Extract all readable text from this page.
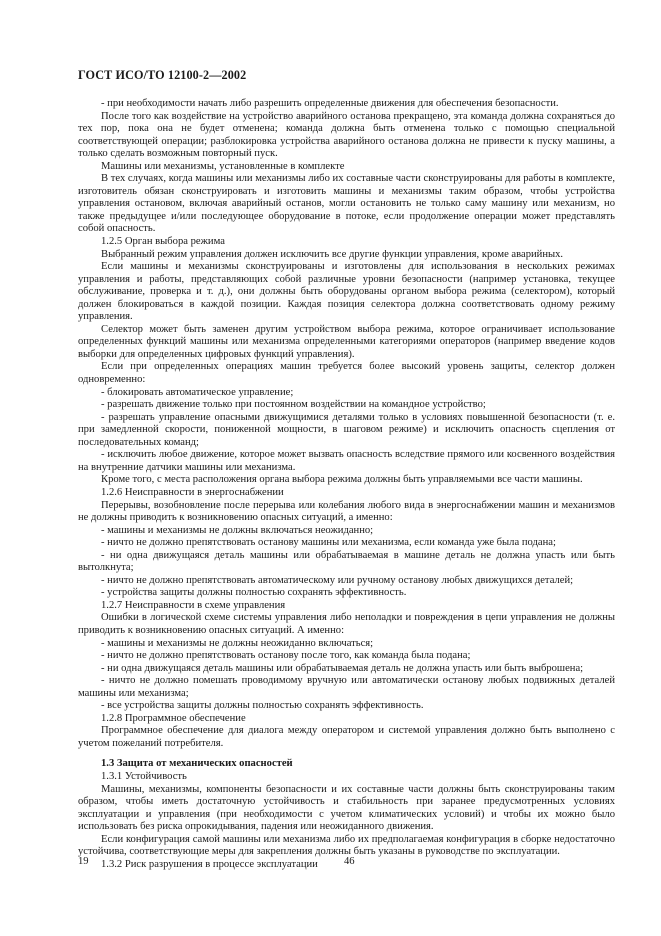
ГОСТ ИСО/ТО 12100-2—2002

- при необходимости начать либо разрешить определенные движения для обеспечения безопасности.

После того как воздействие на устройство аварийного останова прекращено, эта команда должна сохраняться до тех пор, пока она не будет отменена; команда должна быть отменена только с помощью специальной соответствующей операции; разблокировка устройства аварийного останова должна не привести к пуску машины, а только сделать возможным повторный пуск.

Машины или механизмы, установленные в комплекте

В тех случаях, когда машины или механизмы либо их составные части сконструированы для работы в комплекте, изготовитель обязан сконструировать и изготовить машины и механизмы таким образом, чтобы устройства управления остановом, включая аварийный останов, могли остановить не только саму машину или механизм, но также предыдущее и/или последующее оборудование в потоке, если продолжение операции может представлять собой опасность.

1.2.5 Орган выбора режима

Выбранный режим управления должен исключить все другие функции управления, кроме аварийных.

Если машины и механизмы сконструированы и изготовлены для использования в нескольких режимах управления и работы, представляющих собой различные уровни безопасности (например установка, текущее обслуживание, проверка и т. д.), они должны быть оборудованы органом выбора режима (селектором), который должен блокироваться в каждой позиции. Каждая позиция селектора должна соответствовать одному режиму управления.

Селектор может быть заменен другим устройством выбора режима, которое ограничивает использование определенных функций машины или механизма определенными категориями операторов (например введение кодов выборки для определенных цифровых функций управления).

Если при определенных операциях машин требуется более высокий уровень защиты, селектор должен одновременно:

- блокировать автоматическое управление;

- разрешать движение только при постоянном воздействии на командное устройство;

- разрешать управление опасными движущимися деталями только в условиях повышенной безопасности (т. е. при замедленной скорости, пониженной мощности, в шаговом режиме) и исключить опасность сцепления от последовательных команд;

- исключить любое движение, которое может вызвать опасность вследствие прямого или косвенного воздействия на внутренние датчики машины или механизма.

Кроме того, с места расположения органа выбора режима должны быть управляемыми все части машины.

1.2.6 Неисправности в энергоснабжении

Перерывы, возобновление после перерыва или колебания любого вида в энергоснабжении машин и механизмов не должны приводить к возникновению опасных ситуаций, а именно:

- машины и механизмы не должны включаться неожиданно;

- ничто не должно препятствовать останову машины или механизма, если команда уже была подана;

- ни одна движущаяся деталь машины или обрабатываемая в машине деталь не должна упасть или быть вытолкнута;

- ничто не должно препятствовать автоматическому или ручному останову любых движущихся деталей;

- устройства защиты должны полностью сохранять эффективность.

1.2.7 Неисправности в схеме управления

Ошибки в логической схеме системы управления либо неполадки и повреждения в цепи управления не должны приводить к возникновению опасных ситуаций. А именно:

- машины и механизмы не должны неожиданно включаться;

- ничто не должно препятствовать останову после того, как команда была подана;

- ни одна движущаяся деталь машины или обрабатываемая деталь не должна упасть или быть выброшена;

- ничто не должно помешать проводимому вручную или автоматически останову любых подвижных деталей машины или механизма;

- все устройства защиты должны полностью сохранять эффективность.

1.2.8 Программное обеспечение

Программное обеспечение для диалога между оператором и системой управления должно быть выполнено с учетом пожеланий потребителя.

1.3 Защита от механических опасностей

1.3.1 Устойчивость

Машины, механизмы, компоненты безопасности и их составные части должны быть сконструированы таким образом, чтобы иметь достаточную устойчивость и стабильность при заранее предусмотренных условиях эксплуатации и управления (при необходимости с учетом климатических условий) и чтобы их можно было использовать без риска опрокидывания, падения или неожиданного движения.

Если конфигурация самой машины или механизма либо их предполагаемая конфигурация в сборке недостаточно устойчива, соответствующие меры для закрепления должны быть указаны в руководстве по эксплуатации.

1.3.2 Риск разрушения в процессе эксплуатации

19	46
